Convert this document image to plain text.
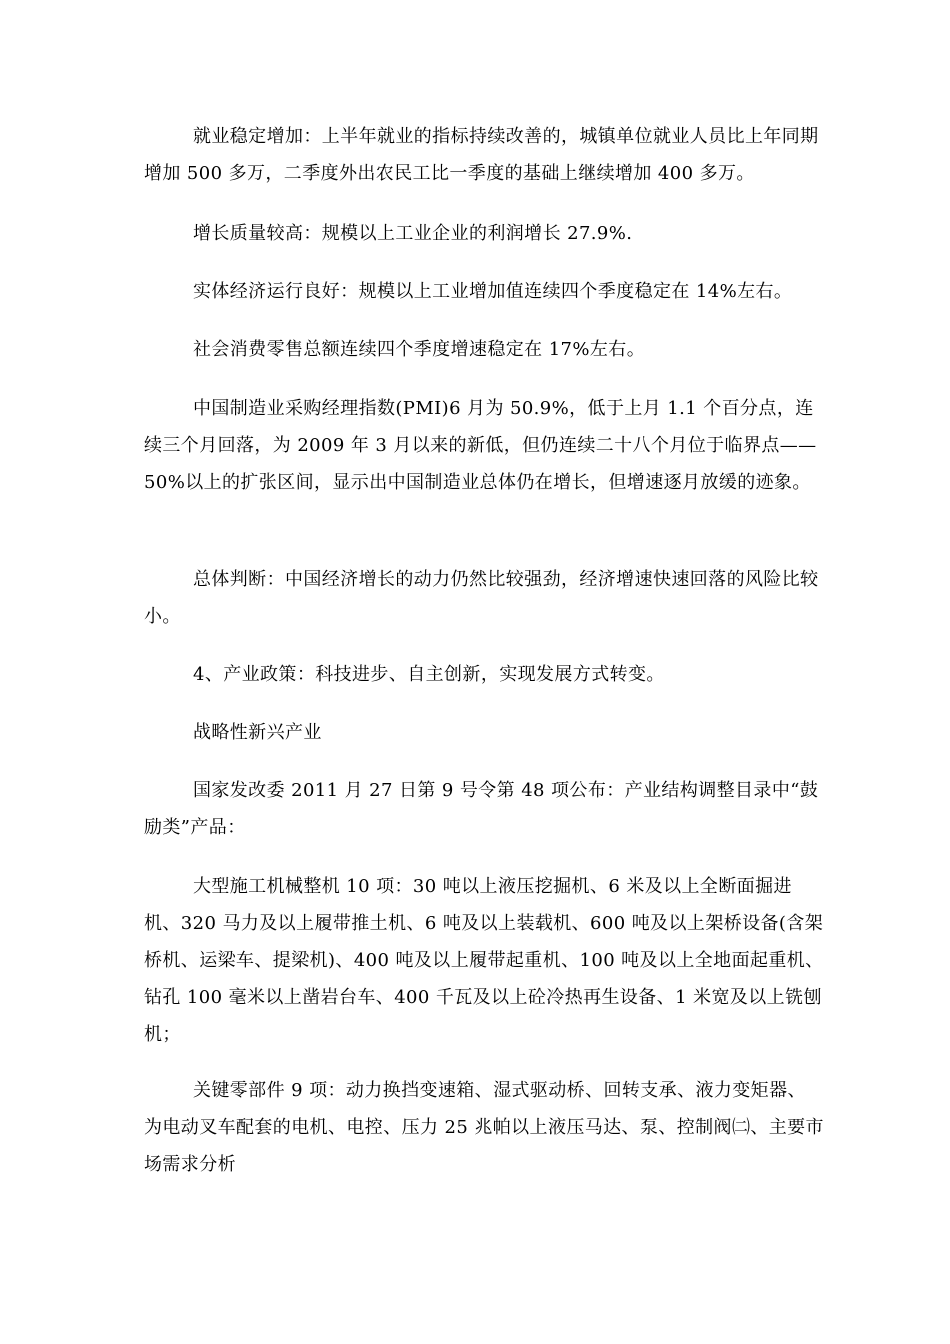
就业稳定增加：上半年就业的指标持续改善的，城镇单位就业人员比上年同期增加 500 多万，二季度外出农民工比一季度的基础上继续增加 400 多万。

增长质量较高：规模以上工业企业的利润增长 27.9%.

实体经济运行良好：规模以上工业增加值连续四个季度稳定在 14%左右。

社会消费零售总额连续四个季度增速稳定在 17%左右。

中国制造业采购经理指数(PMI)6 月为 50.9%，低于上月 1.1 个百分点，连续三个月回落，为 2009 年 3 月以来的新低，但仍连续二十八个月位于临界点——50%以上的扩张区间，显示出中国制造业总体仍在增长，但增速逐月放缓的迹象。

总体判断：中国经济增长的动力仍然比较强劲，经济增速快速回落的风险比较小。

4、产业政策：科技进步、自主创新，实现发展方式转变。

战略性新兴产业

国家发改委 2011 月 27 日第 9 号令第 48 项公布：产业结构调整目录中“鼓励类”产品：

大型施工机械整机 10 项：30 吨以上液压挖掘机、6 米及以上全断面掘进机、320 马力及以上履带推土机、6 吨及以上装载机、600 吨及以上架桥设备(含架桥机、运梁车、提梁机)、400 吨及以上履带起重机、100 吨及以上全地面起重机、钻孔 100 毫米以上凿岩台车、400 千瓦及以上砼冷热再生设备、1 米宽及以上铣刨机；

关键零部件 9 项：动力换挡变速箱、湿式驱动桥、回转支承、液力变矩器、为电动叉车配套的电机、电控、压力 25 兆帕以上液压马达、泵、控制阀㈡、主要市场需求分析
